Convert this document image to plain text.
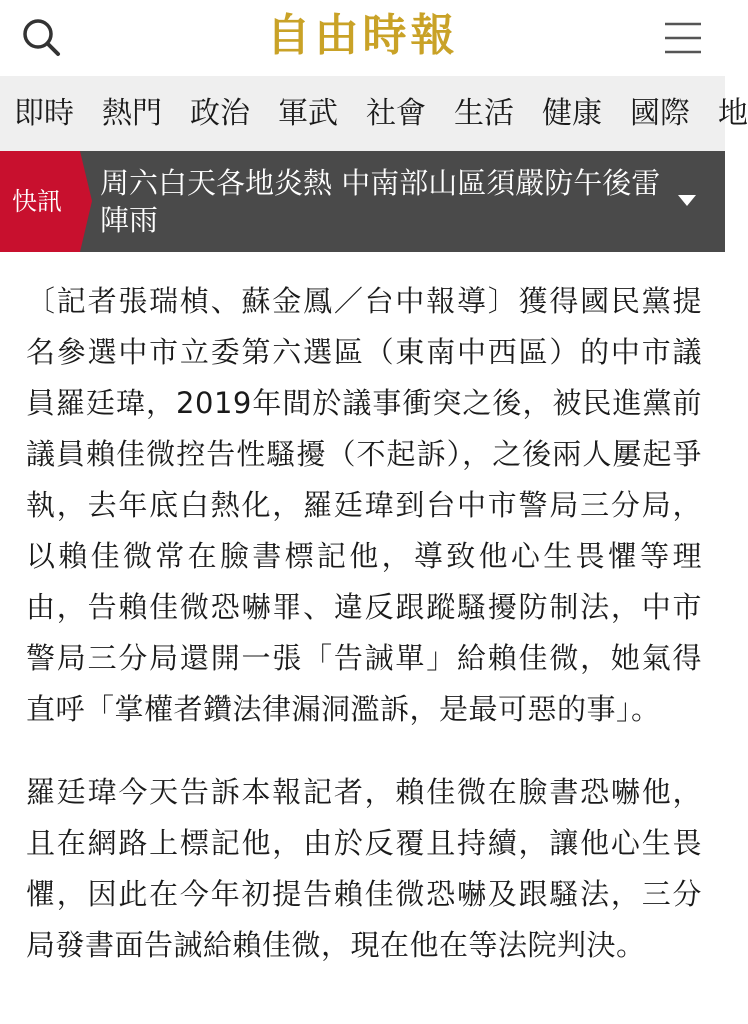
自由時報
即時 熱門 政治 軍武 社會 生活 健康 國際 地
快訊
周六白天各地炎熱 中南部山區須嚴防午後雷陣雨

〔記者張瑞楨、蘇金鳳／台中報導〕獲得國民黨提名參選中市立委第六選區（東南中西區）的中市議員羅廷瑋，2019年間於議事衝突之後，被民進黨前議員賴佳微控告性騷擾（不起訴），之後兩人屢起爭執，去年底白熱化，羅廷瑋到台中市警局三分局，以賴佳微常在臉書標記他，導致他心生畏懼等理由，告賴佳微恐嚇罪、違反跟蹤騷擾防制法，中市警局三分局還開一張「告誡單」給賴佳微，她氣得直呼「掌權者鑽法律漏洞濫訴，是最可惡的事」。

羅廷瑋今天告訴本報記者，賴佳微在臉書恐嚇他，且在網路上標記他，由於反覆且持續，讓他心生畏懼，因此在今年初提告賴佳微恐嚇及跟騷法，三分局發書面告誡給賴佳微，現在他在等法院判決。
